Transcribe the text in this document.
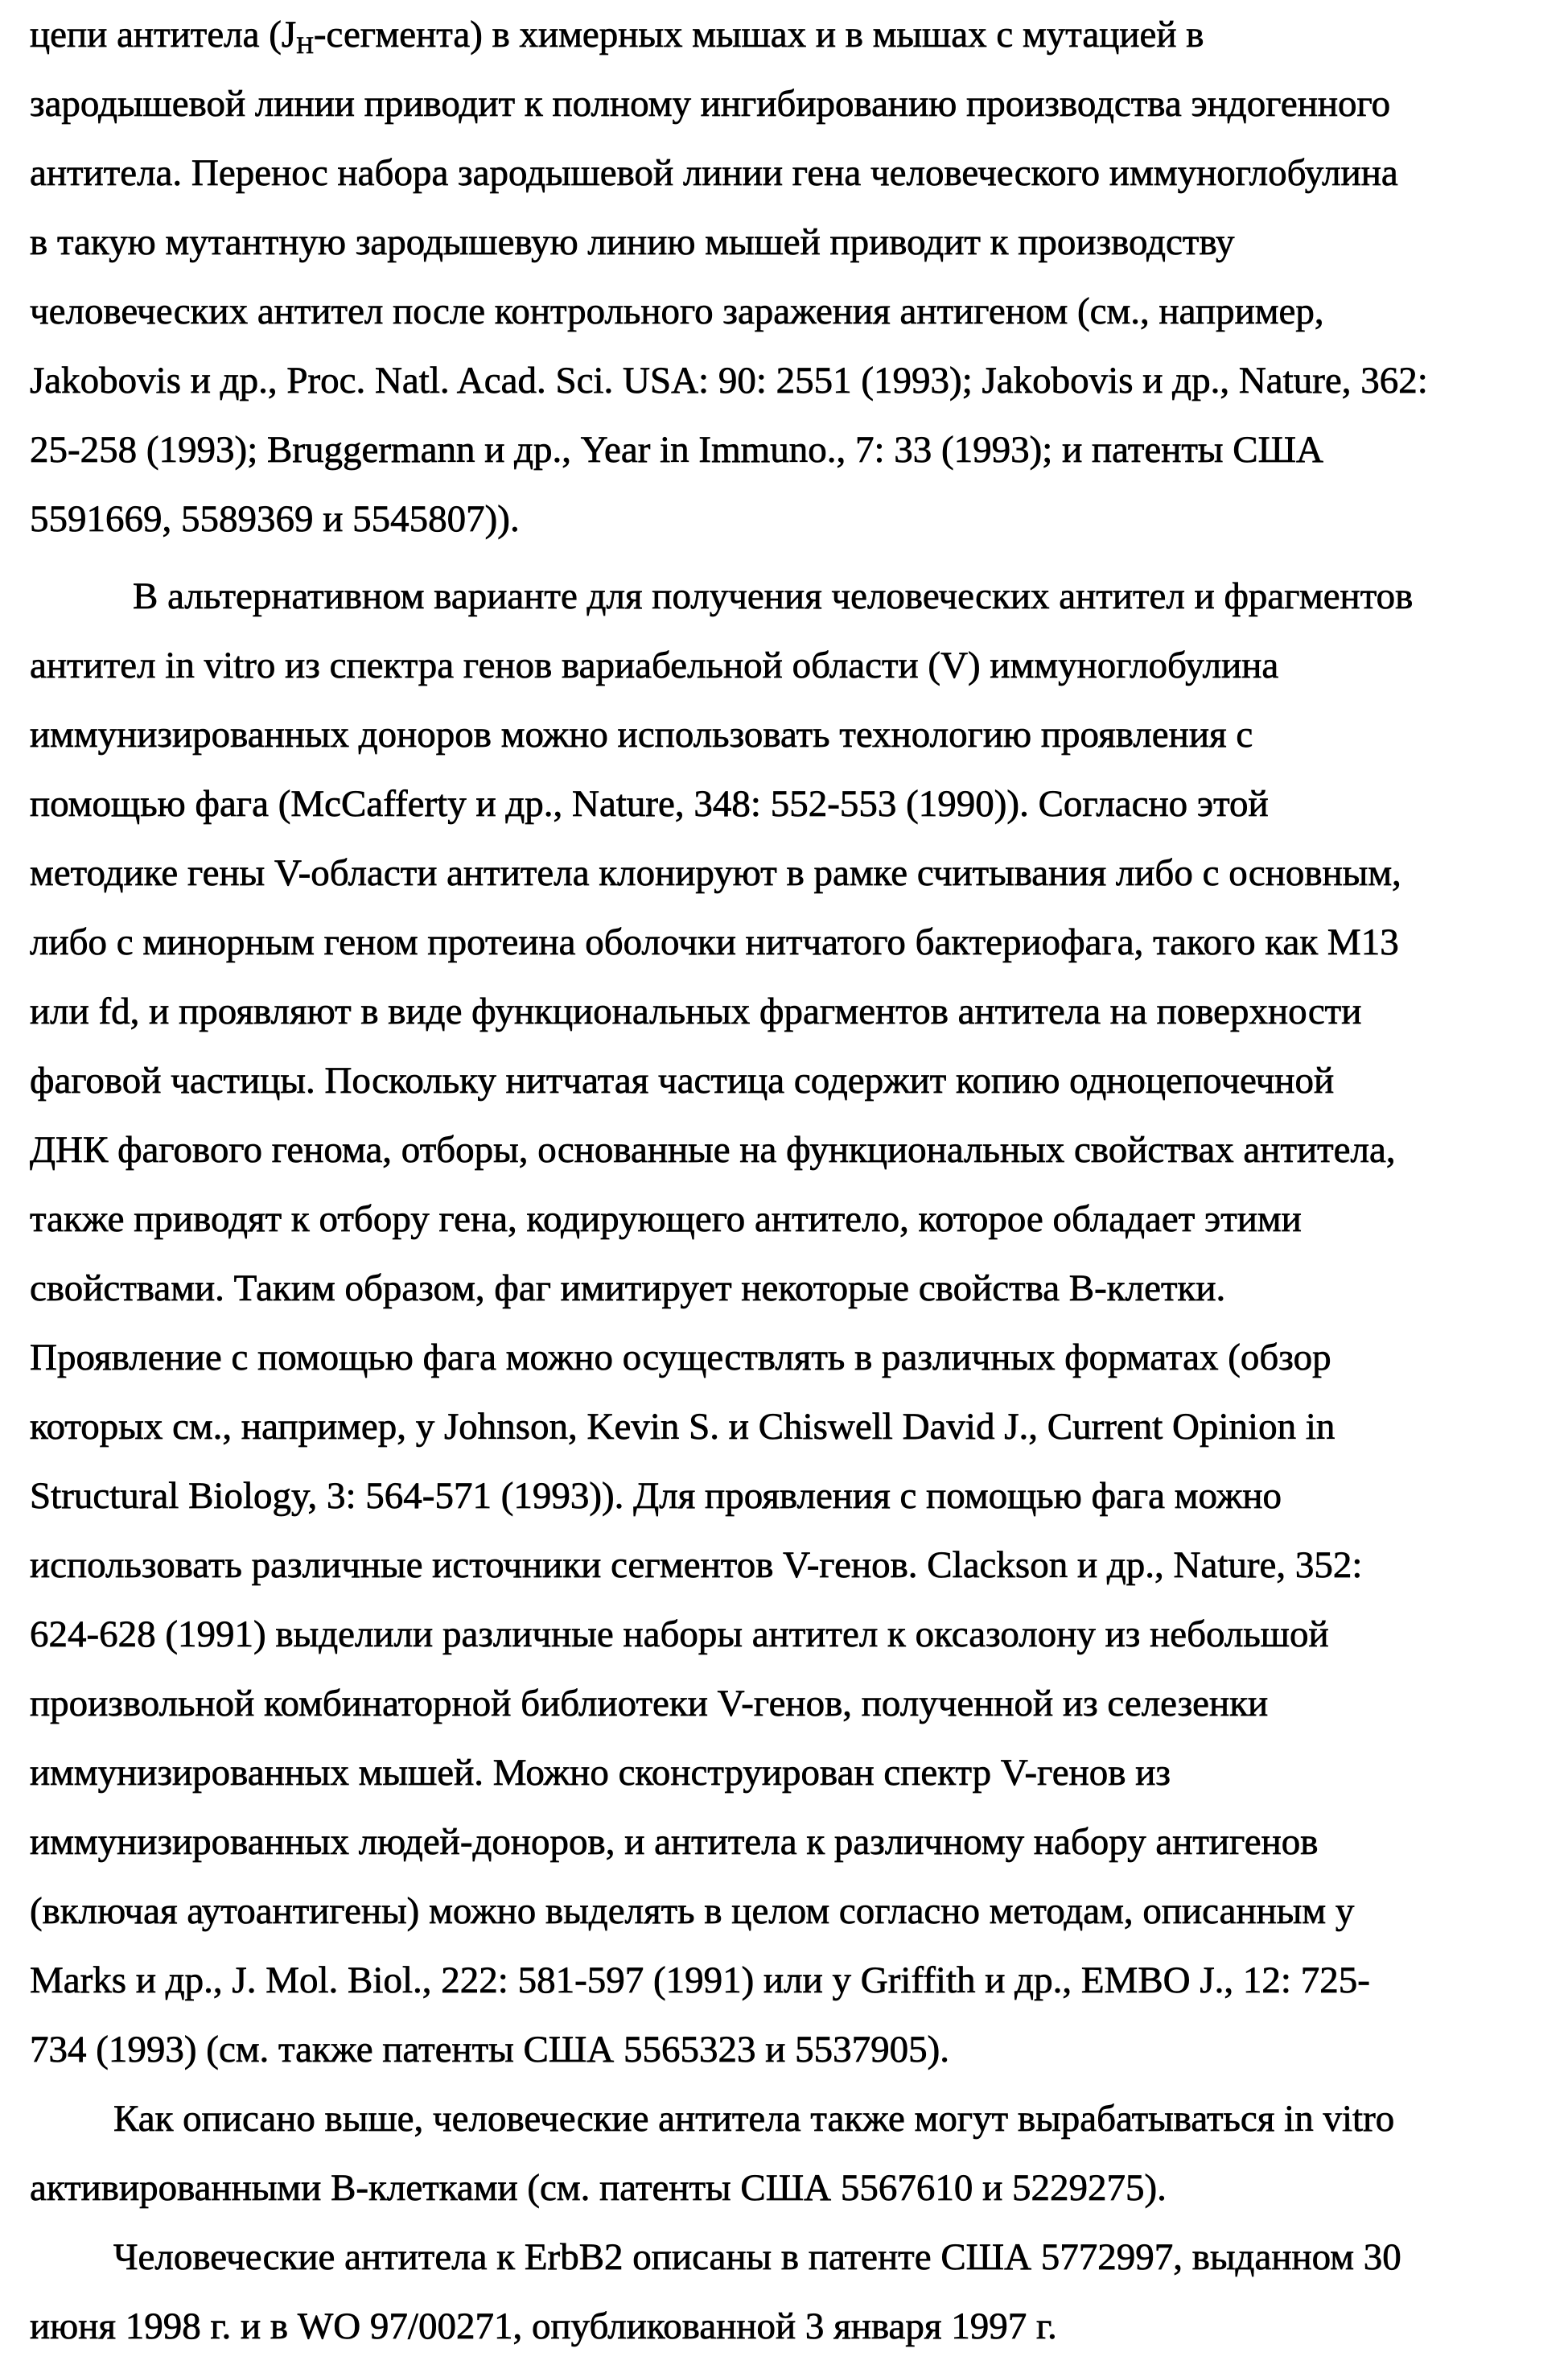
цепи антитела (JH-сегмента) в химерных мышах и в мышах с мутацией в
зародышевой линии приводит к полному ингибированию производства эндогенного
антитела. Перенос набора зародышевой линии гена человеческого иммуноглобулина
в такую мутантную зародышевую линию мышей приводит к производству
человеческих антител после контрольного заражения антигеном (см., например,
Jakobovis и др., Proc. Natl. Acad. Sci. USA: 90: 2551 (1993); Jakobovis и др., Nature, 362:
25-258 (1993); Bruggermann и др., Year in Immuno., 7: 33 (1993); и патенты США
5591669, 5589369 и 5545807)).

В альтернативном варианте для получения человеческих антител и фрагментов
антител in vitro из спектра генов вариабельной области (V) иммуноглобулина
иммунизированных доноров можно использовать технологию проявления с
помощью фага (McCafferty и др., Nature, 348: 552-553 (1990)). Согласно этой
методике гены V-области антитела клонируют в рамке считывания либо с основным,
либо с минорным геном протеина оболочки нитчатого бактериофага, такого как M13
или fd, и проявляют в виде функциональных фрагментов антитела на поверхности
фаговой частицы. Поскольку нитчатая частица содержит копию одноцепочечной
ДНК фагового генома, отборы, основанные на функциональных свойствах антитела,
также приводят к отбору гена, кодирующего антитело, которое обладает этими
свойствами. Таким образом, фаг имитирует некоторые свойства B-клетки.
Проявление с помощью фага можно осуществлять в различных форматах (обзор
которых см., например, у Johnson, Kevin S. и Chiswell David J., Current Opinion in
Structural Biology, 3: 564-571 (1993)). Для проявления с помощью фага можно
использовать различные источники сегментов V-генов. Clackson и др., Nature, 352:
624-628 (1991) выделили различные наборы антител к оксазолону из небольшой
произвольной комбинаторной библиотеки V-генов, полученной из селезенки
иммунизированных мышей. Можно сконструирован спектр V-генов из
иммунизированных людей-доноров, и антитела к различному набору антигенов
(включая аутоантигены) можно выделять в целом согласно методам, описанным у
Marks и др., J. Mol. Biol., 222: 581-597 (1991) или у Griffith и др., EMBO J., 12: 725-
734 (1993) (см. также патенты США 5565323 и 5537905).

Как описано выше, человеческие антитела также могут вырабатываться in vitro
активированными B-клетками (см. патенты США 5567610 и 5229275).

Человеческие антитела к ErbB2 описаны в патенте США 5772997, выданном 30
июня 1998 г. и в WO 97/00271, опубликованной 3 января 1997 г.
